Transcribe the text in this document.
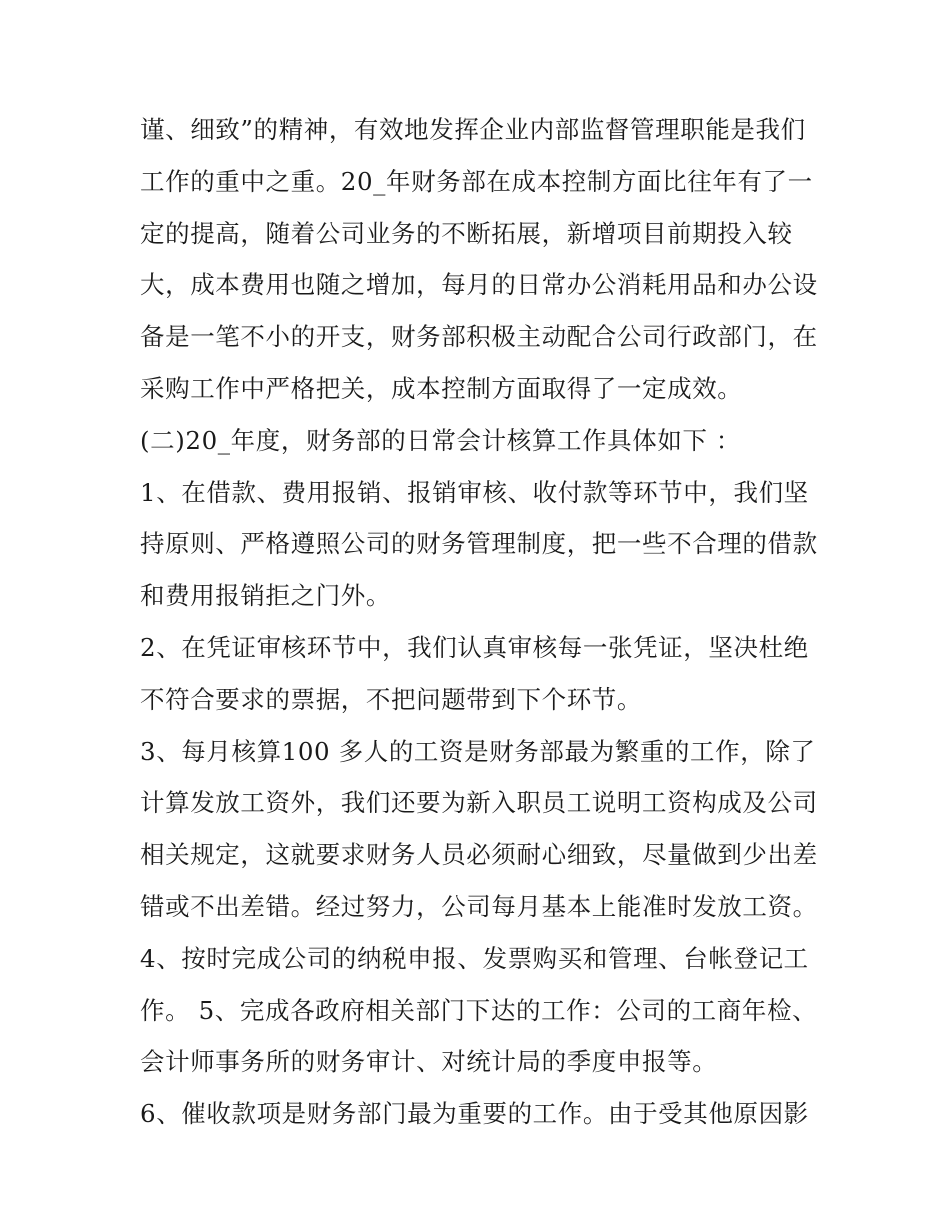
谨、细致”的精神，有效地发挥企业内部监督管理职能是我们
工作的重中之重。20_年财务部在成本控制方面比往年有了一
定的提高，随着公司业务的不断拓展，新增项目前期投入较
大，成本费用也随之增加，每月的日常办公消耗用品和办公设
备是一笔不小的开支，财务部积极主动配合公司行政部门，在
采购工作中严格把关，成本控制方面取得了一定成效。
(二)20_年度，财务部的日常会计核算工作具体如下 ：
1、在借款、费用报销、报销审核、收付款等环节中，我们坚
持原则、严格遵照公司的财务管理制度，把一些不合理的借款
和费用报销拒之门外。
2、在凭证审核环节中，我们认真审核每一张凭证，坚决杜绝
不符合要求的票据，不把问题带到下个环节。
3、每月核算100 多人的工资是财务部最为繁重的工作，除了
计算发放工资外，我们还要为新入职员工说明工资构成及公司
相关规定，这就要求财务人员必须耐心细致，尽量做到少出差
错或不出差错。经过努力，公司每月基本上能准时发放工资。
4、按时完成公司的纳税申报、发票购买和管理、台帐登记工
作。 5、完成各政府相关部门下达的工作：公司的工商年检、
会计师事务所的财务审计、对统计局的季度申报等。
6、催收款项是财务部门最为重要的工作。由于受其他原因影
